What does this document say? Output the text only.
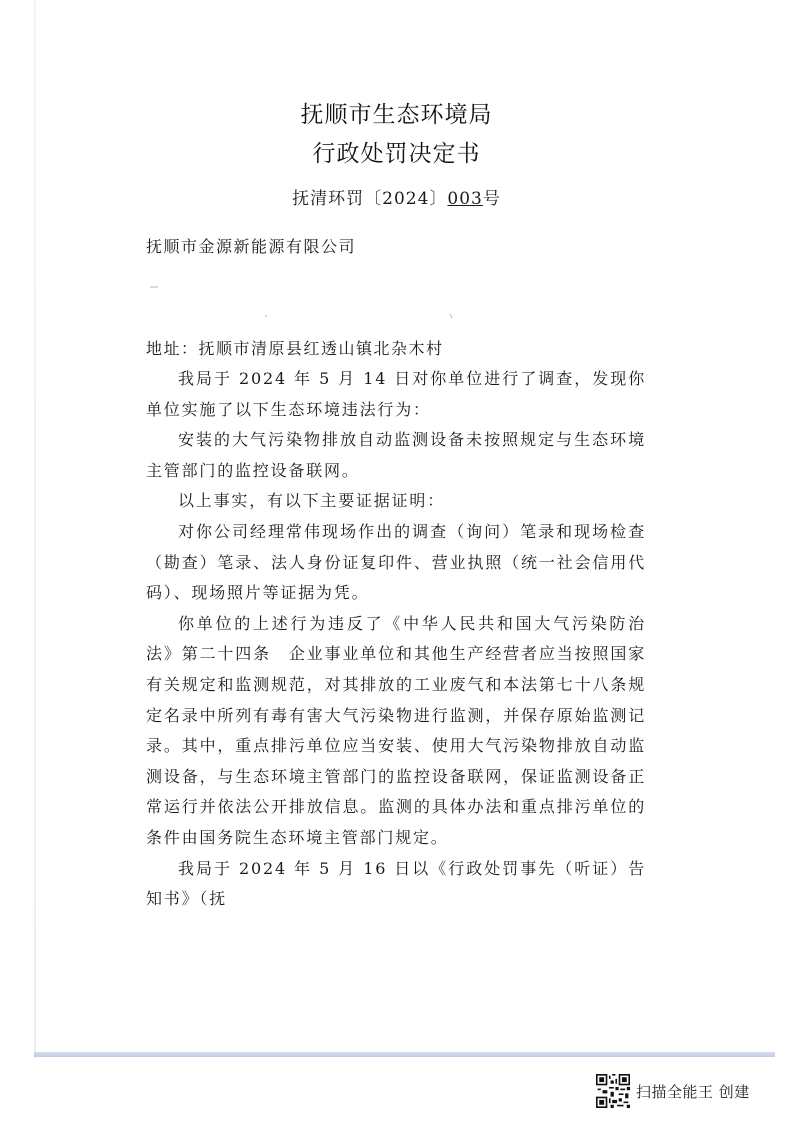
抚顺市生态环境局
行政处罚决定书
抚清环罚〔2024〕003号
抚顺市金源新能源有限公司
地址：抚顺市清原县红透山镇北杂木村

我局于 2024 年 5 月 14 日对你单位进行了调查，发现你单位实施了以下生态环境违法行为：

安装的大气污染物排放自动监测设备未按照规定与生态环境主管部门的监控设备联网。

以上事实，有以下主要证据证明：

对你公司经理常伟现场作出的调查（询问）笔录和现场检查（勘查）笔录、法人身份证复印件、营业执照（统一社会信用代码）、现场照片等证据为凭。

你单位的上述行为违反了《中华人民共和国大气污染防治法》第二十四条　企业事业单位和其他生产经营者应当按照国家有关规定和监测规范，对其排放的工业废气和本法第七十八条规定名录中所列有毒有害大气污染物进行监测，并保存原始监测记录。其中，重点排污单位应当安装、使用大气污染物排放自动监测设备，与生态环境主管部门的监控设备联网，保证监测设备正常运行并依法公开排放信息。监测的具体办法和重点排污单位的条件由国务院生态环境主管部门规定。

我局于 2024 年 5 月 16 日以《行政处罚事先（听证）告知书》（抚

扫描全能王 创建
